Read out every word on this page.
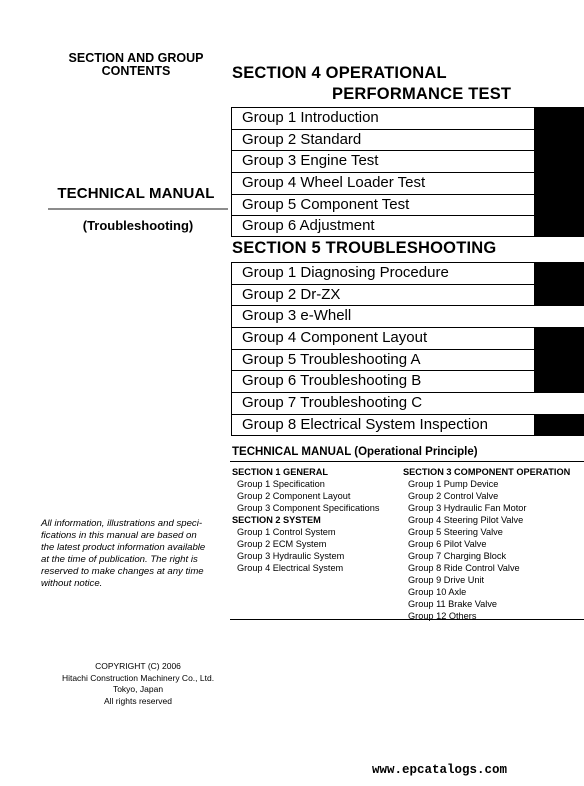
SECTION AND GROUP
CONTENTS
TECHNICAL MANUAL
(Troubleshooting)
All information, illustrations and speci-
fications in this manual are based on
the latest product information available
at the time of publication. The right is
reserved to make changes at any time
without notice.
COPYRIGHT (C) 2006
Hitachi Construction Machinery Co., Ltd.
Tokyo, Japan
All rights reserved
SECTION 4 OPERATIONAL
PERFORMANCE TEST
Group 1 Introduction
Group 2 Standard
Group 3 Engine Test
Group 4 Wheel Loader Test
Group 5 Component Test
Group 6 Adjustment
SECTION 5 TROUBLESHOOTING
Group 1 Diagnosing Procedure
Group 2 Dr-ZX
Group 3 e-Whell
Group 4 Component Layout
Group 5 Troubleshooting A
Group 6 Troubleshooting B
Group 7 Troubleshooting C
Group 8 Electrical System Inspection
TECHNICAL MANUAL (Operational Principle)
SECTION 1 GENERAL
Group 1 Specification
Group 2 Component Layout
Group 3 Component Specifications
SECTION 2 SYSTEM
Group 1 Control System
Group 2 ECM System
Group 3 Hydraulic System
Group 4 Electrical System
SECTION 3 COMPONENT OPERATION
Group 1 Pump Device
Group 2 Control Valve
Group 3 Hydraulic Fan Motor
Group 4 Steering Pilot Valve
Group 5 Steering Valve
Group 6 Pilot Valve
Group 7 Charging Block
Group 8 Ride Control Valve
Group 9 Drive Unit
Group 10 Axle
Group 11 Brake Valve
Group 12 Others
www.epcatalogs.com
